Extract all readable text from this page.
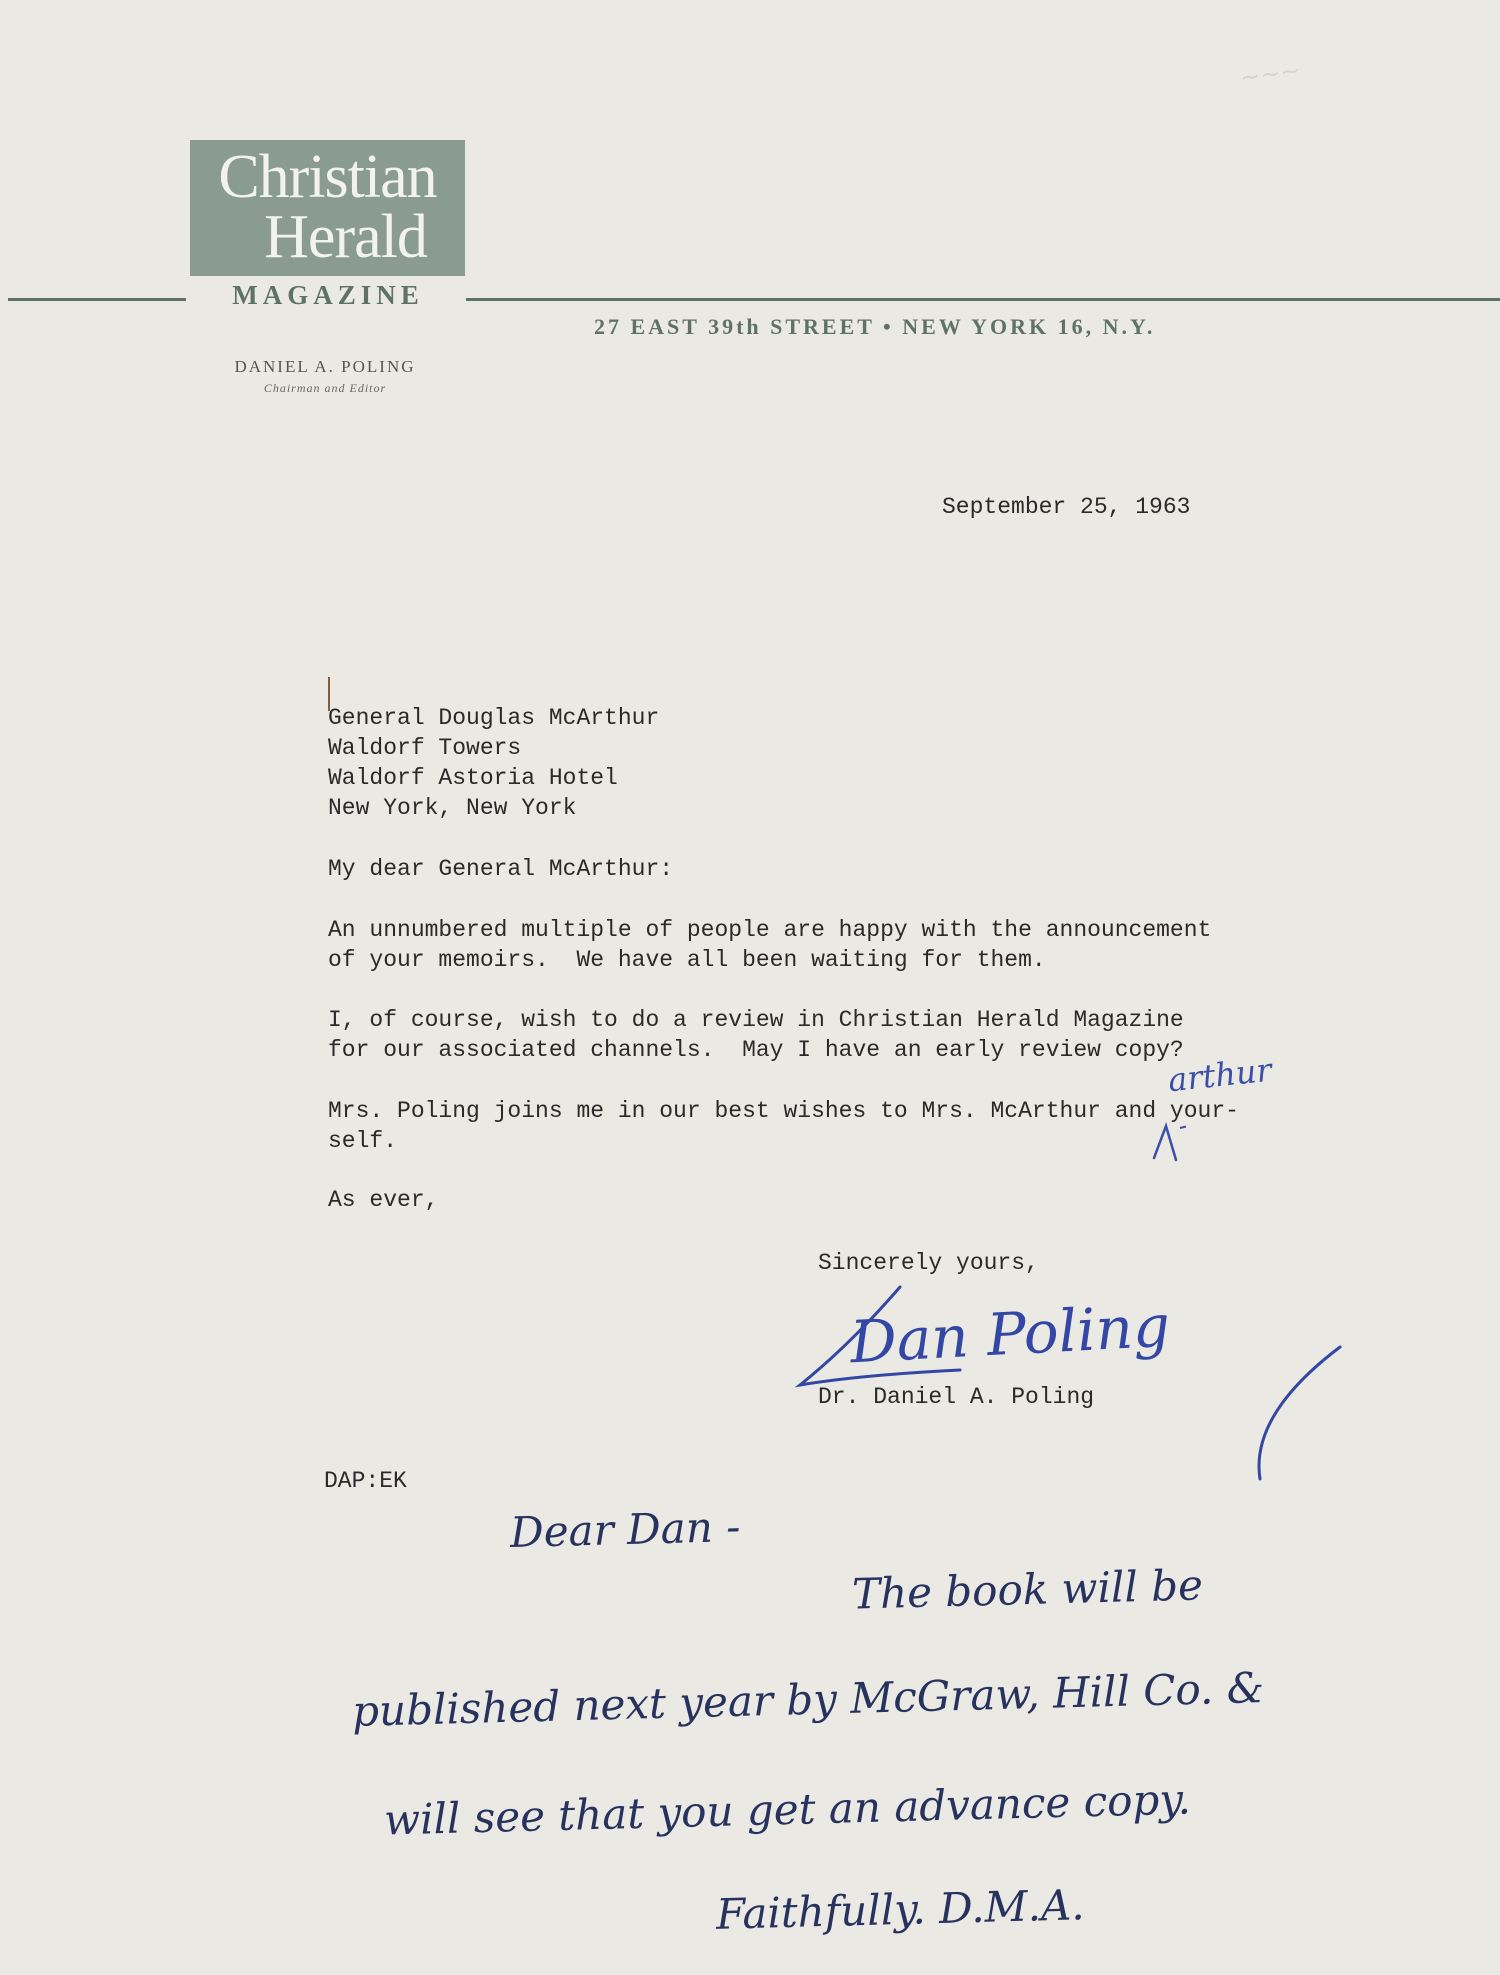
~~~
Christian
Herald
MAGAZINE
27 EAST 39th STREET • NEW YORK 16, N.Y.
DANIEL A. POLING
Chairman and Editor
September 25, 1963
General Douglas McArthur
Waldorf Towers
Waldorf Astoria Hotel
New York, New York
My dear General McArthur:
An unnumbered multiple of people are happy with the announcement
of your memoirs.  We have all been waiting for them.
I, of course, wish to do a review in Christian Herald Magazine
for our associated channels.  May I have an early review copy?
Mrs. Poling joins me in our best wishes to Mrs. McArthur and your-
self.
As ever,
Sincerely yours,
Dr. Daniel A. Poling
DAP:EK
arthur
Dan Poling
Dear Dan -
The book will be
published next year by McGraw, Hill Co. &
will see that you get an advance copy.
Faithfully. D.M.A.
